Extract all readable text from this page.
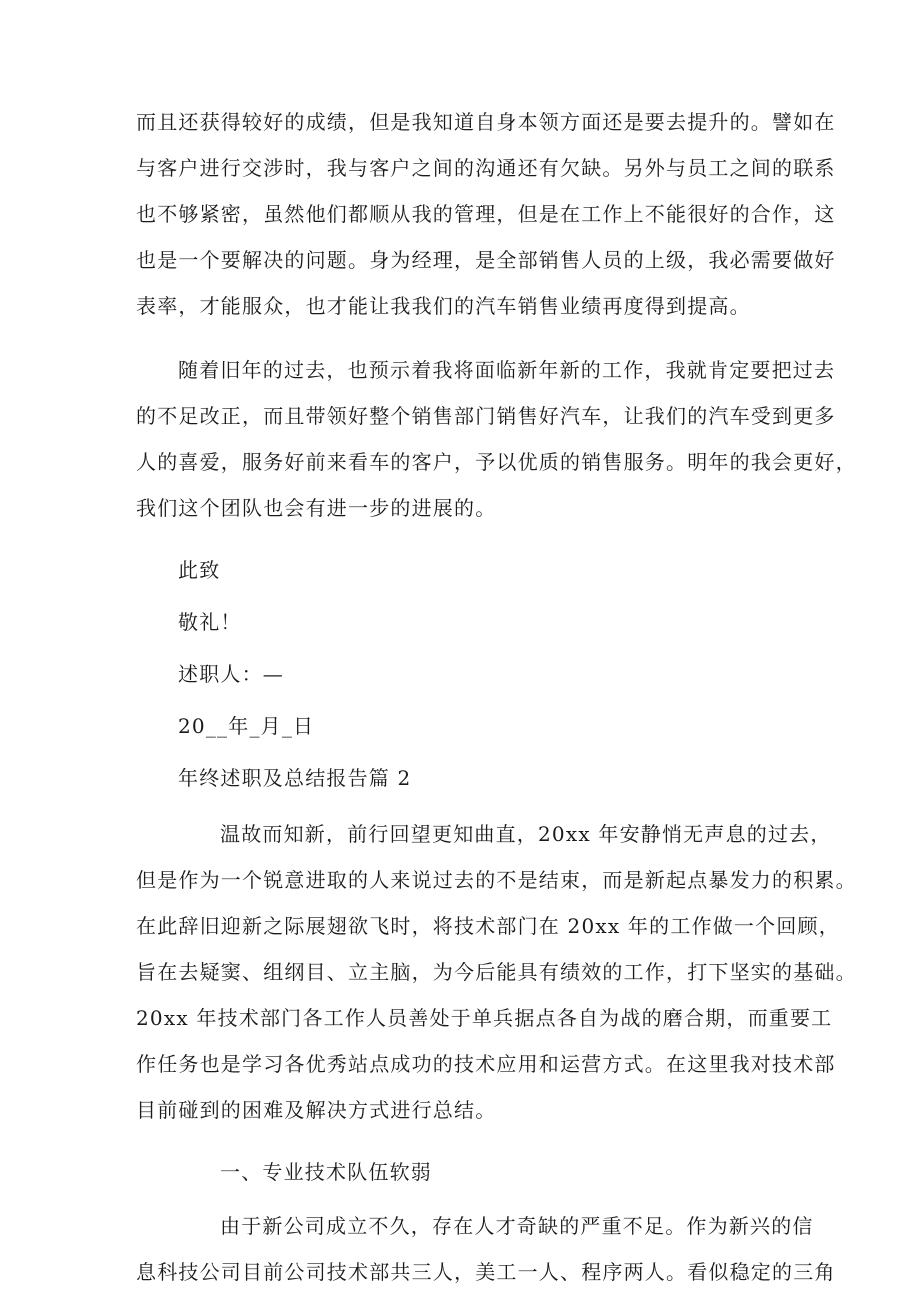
而且还获得较好的成绩，但是我知道自身本领方面还是要去提升的。譬如在
与客户进行交涉时，我与客户之间的沟通还有欠缺。另外与员工之间的联系
也不够紧密，虽然他们都顺从我的管理，但是在工作上不能很好的合作，这
也是一个要解决的问题。身为经理，是全部销售人员的上级，我必需要做好
表率，才能服众，也才能让我我们的汽车销售业绩再度得到提高。
随着旧年的过去，也预示着我将面临新年新的工作，我就肯定要把过去
的不足改正，而且带领好整个销售部门销售好汽车，让我们的汽车受到更多
人的喜爱，服务好前来看车的客户，予以优质的销售服务。明年的我会更好，
我们这个团队也会有进一步的进展的。
此致
敬礼！
述职人：—
20__年_月_日
年终述职及总结报告篇 2
温故而知新，前行回望更知曲直，20xx 年安静悄无声息的过去，
但是作为一个锐意进取的人来说过去的不是结束，而是新起点暴发力的积累。
在此辞旧迎新之际展翅欲飞时，将技术部门在 20xx 年的工作做一个回顾，
旨在去疑窦、组纲目、立主脑，为今后能具有绩效的工作，打下坚实的基础。
20xx 年技术部门各工作人员善处于单兵据点各自为战的磨合期，而重要工
作任务也是学习各优秀站点成功的技术应用和运营方式。在这里我对技术部
目前碰到的困难及解决方式进行总结。
一、专业技术队伍软弱
由于新公司成立不久，存在人才奇缺的严重不足。作为新兴的信
息科技公司目前公司技术部共三人，美工一人、程序两人。看似稳定的三角
